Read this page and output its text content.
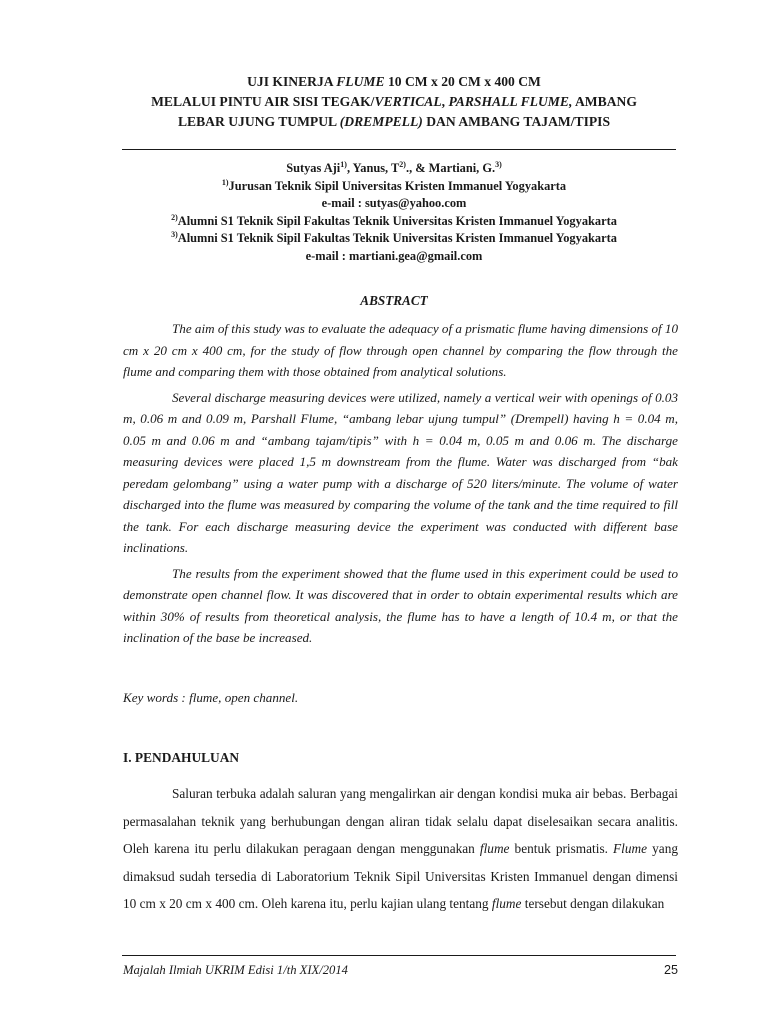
UJI KINERJA FLUME 10 CM x 20 CM x 400 CM
MELALUI PINTU AIR SISI TEGAK/VERTICAL, PARSHALL FLUME, AMBANG
LEBAR UJUNG TUMPUL (DREMPELL) DAN AMBANG TAJAM/TIPIS
Sutyas Aji$^{1)}$, Yanus, $T^{2)}$., & Martiani, G.$^{3)}$
$^{1)}$Jurusan Teknik Sipil Universitas Kristen Immanuel Yogyakarta
e-mail : sutyas@yahoo.com
$^{2)}$Alumni S1 Teknik Sipil Fakultas Teknik Universitas Kristen Immanuel Yogyakarta
$^{3)}$Alumni S1 Teknik Sipil Fakultas Teknik Universitas Kristen Immanuel Yogyakarta
e-mail : martiani.gea@gmail.com
ABSTRACT

The aim of this study was to evaluate the adequacy of a prismatic flume having dimensions of 10 cm x 20 cm x 400 cm, for the study of flow through open channel by comparing the flow through the flume and comparing them with those obtained from analytical solutions.

Several discharge measuring devices were utilized, namely a vertical weir with openings of 0.03 m, 0.06 m and 0.09 m, Parshall Flume, “ambang lebar ujung tumpul” (Drempell) having h = 0.04 m, 0.05 m and 0.06 m and “ambang tajam/tipis” with h = 0.04 m, 0.05 m and 0.06 m. The discharge measuring devices were placed 1,5 m downstream from the flume. Water was discharged from “bak peredam gelombang” using a water pump with a discharge of 520 liters/minute. The volume of water discharged into the flume was measured by comparing the volume of the tank and the time required to fill the tank. For each discharge measuring device the experiment was conducted with different base inclinations.

The results from the experiment showed that the flume used in this experiment could be used to demonstrate open channel flow. It was discovered that in order to obtain experimental results which are within 30% of results from theoretical analysis, the flume has to have a length of 10.4 m, or that the inclination of the base be increased.

Key words : flume, open channel.
I. PENDAHULUAN

Saluran terbuka adalah saluran yang mengalirkan air dengan kondisi muka air bebas. Berbagai permasalahan teknik yang berhubungan dengan aliran tidak selalu dapat diselesaikan secara analitis. Oleh karena itu perlu dilakukan peragaan dengan menggunakan flume bentuk prismatis. Flume yang dimaksud sudah tersedia di Laboratorium Teknik Sipil Universitas Kristen Immanuel dengan dimensi 10 cm x 20 cm x 400 cm. Oleh karena itu, perlu kajian ulang tentang flume tersebut dengan dilakukan

Majalah Ilmiah UKRIM Edisi 1/th XIX/2014	25
